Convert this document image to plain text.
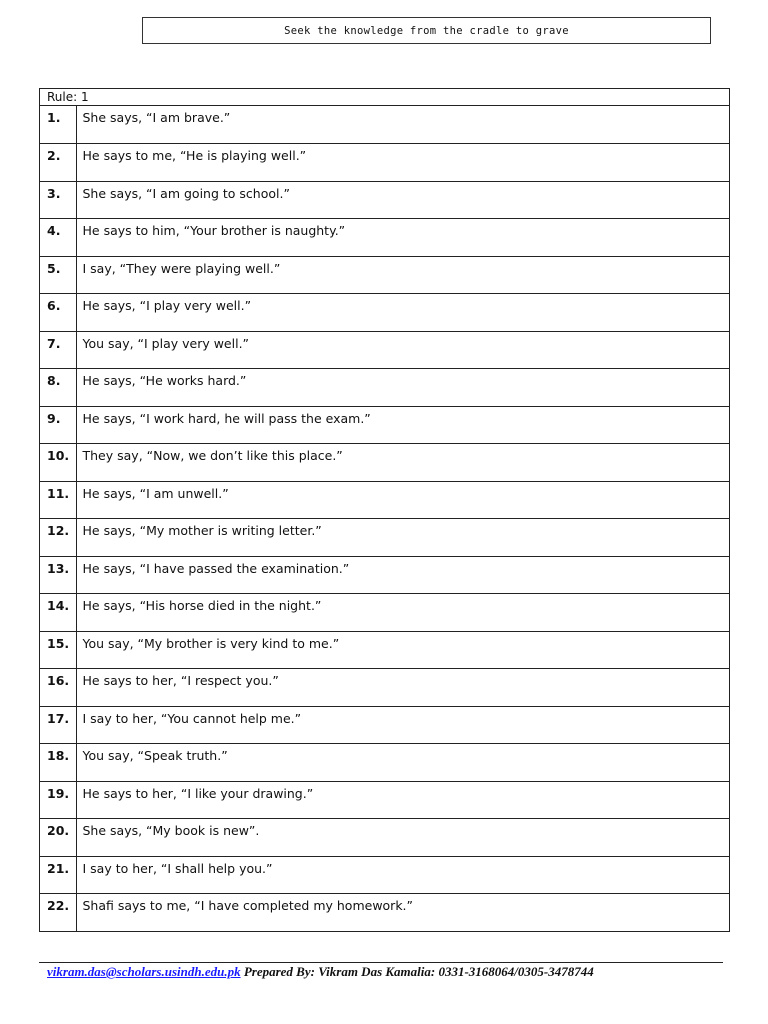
Seek the knowledge from the cradle to grave
Rule: 1
1.	She says, “I am brave.”
2.	He says to me, “He is playing well.”
3.	She says, “I am going to school.”
4.	He says to him, “Your brother is naughty.”
5.	I say, “They were playing well.”
6.	He says, “I play very well.”
7.	You say, “I play very well.”
8.	He says, “He works hard.”
9.	He says, “I work hard, he will pass the exam.”
10.	They say, “Now, we don’t like this place.”
11.	He says, “I am unwell.”
12.	He says, “My mother is writing letter.”
13.	He says, “I have passed the examination.”
14.	He says, “His horse died in the night.”
15.	You say, “My brother is very kind to me.”
16.	He says to her, “I respect you.”
17.	I say to her, “You cannot help me.”
18.	You say, “Speak truth.”
19.	He says to her, “I like your drawing.”
20.	She says, “My book is new”.
21.	I say to her, “I shall help you.”
22.	Shafi says to me, “I have completed my homework.”
vikram.das@scholars.usindh.edu.pk Prepared By: Vikram Das Kamalia: 0331-3168064/0305-3478744
